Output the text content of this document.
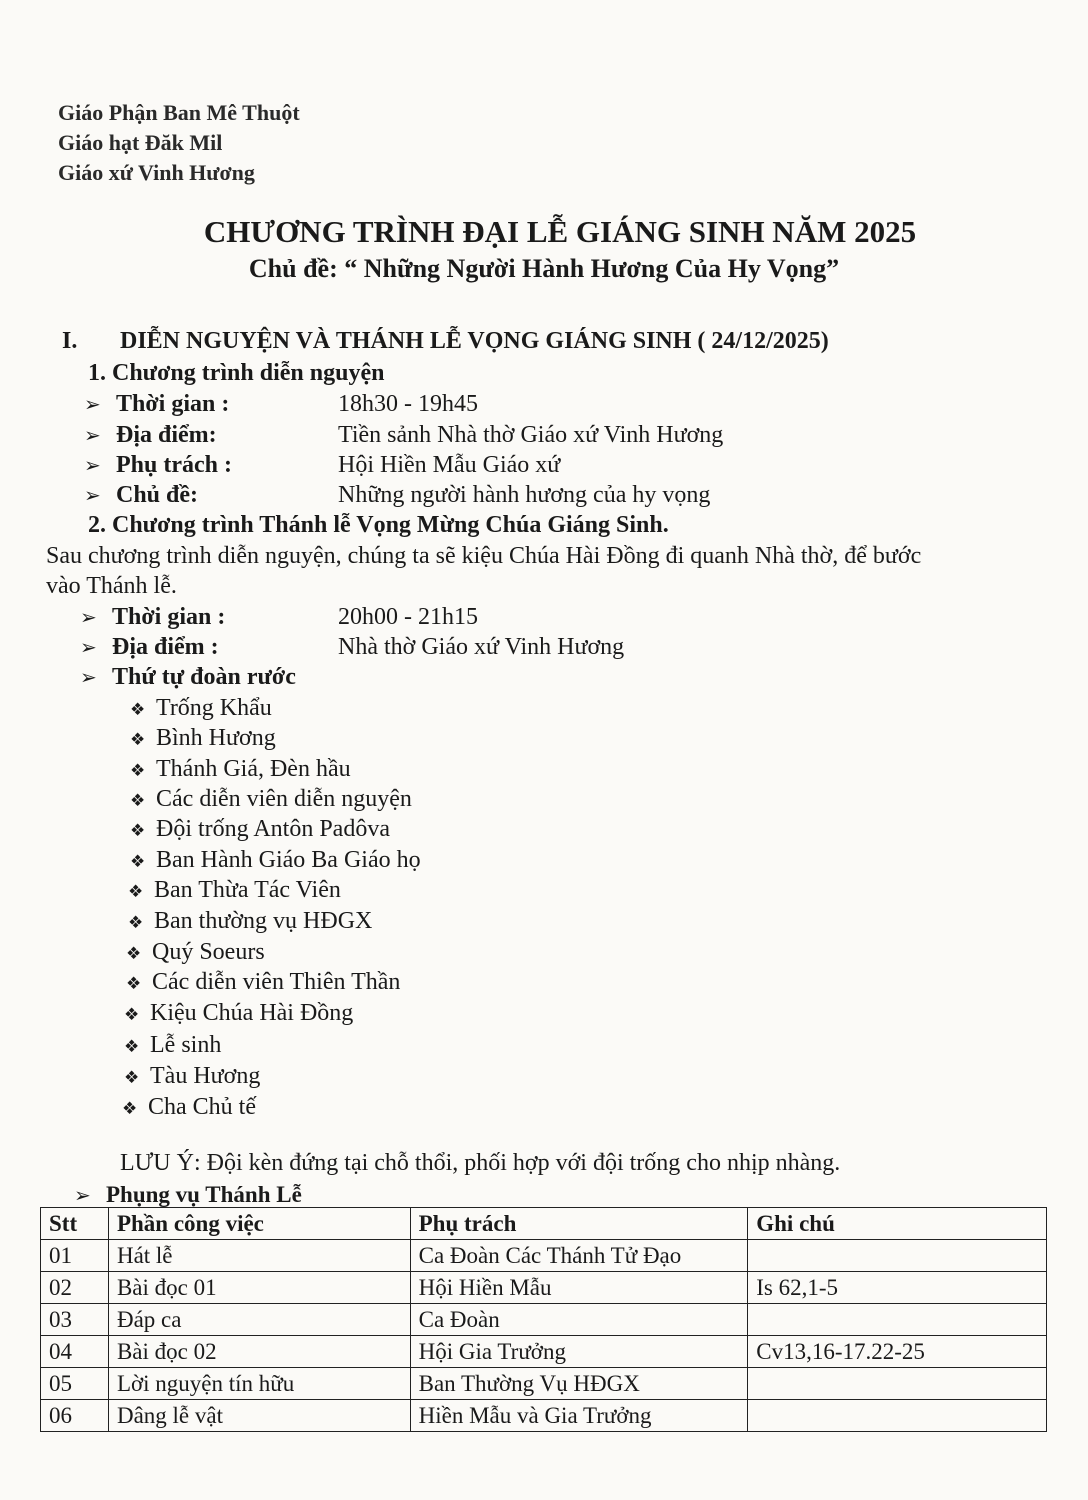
Giáo Phận Ban Mê Thuột
Giáo hạt Đăk Mil
Giáo xứ Vinh Hương
CHƯƠNG TRÌNH ĐẠI LỄ GIÁNG SINH NĂM 2025
Chủ đề: “ Những Người Hành Hương Của Hy Vọng”
I. DIỄN NGUYỆN VÀ THÁNH LỄ VỌNG GIÁNG SINH ( 24/12/2025)
1. Chương trình diễn nguyện
➢ Thời gian :	18h30 - 19h45
➢ Địa điểm:	Tiền sảnh Nhà thờ Giáo xứ Vinh Hương
➢ Phụ trách :	Hội Hiền Mẫu Giáo xứ
➢ Chủ đề:	Những người hành hương của hy vọng
2. Chương trình Thánh lễ Vọng Mừng Chúa Giáng Sinh.
Sau chương trình diễn nguyện, chúng ta sẽ kiệu Chúa Hài Đồng đi quanh Nhà thờ, để bước
vào Thánh lễ.
➢ Thời gian :	20h00 - 21h15
➢ Địa điểm :	Nhà thờ Giáo xứ Vinh Hương
➢ Thứ tự đoàn rước
❖ Trống Khẩu
❖ Bình Hương
❖ Thánh Giá, Đèn hầu
❖ Các diễn viên diễn nguyện
❖ Đội trống Antôn Padôva
❖ Ban Hành Giáo Ba Giáo họ
❖ Ban Thừa Tác Viên
❖ Ban thường vụ HĐGX
❖ Quý Soeurs
❖ Các diễn viên Thiên Thần
❖ Kiệu Chúa Hài Đồng
❖ Lễ sinh
❖ Tàu Hương
❖ Cha Chủ tế
LƯU Ý: Đội kèn đứng tại chỗ thổi, phối hợp với đội trống cho nhịp nhàng.
➢ Phụng vụ Thánh Lễ
Stt	Phần công việc	Phụ trách	Ghi chú
01	Hát lễ	Ca Đoàn Các Thánh Tử Đạo	
02	Bài đọc 01	Hội Hiền Mẫu	Is 62,1-5
03	Đáp ca	Ca Đoàn	
04	Bài đọc 02	Hội Gia Trưởng	Cv13,16-17.22-25
05	Lời nguyện tín hữu	Ban Thường Vụ HĐGX	
06	Dâng lễ vật	Hiền Mẫu và Gia Trưởng	
